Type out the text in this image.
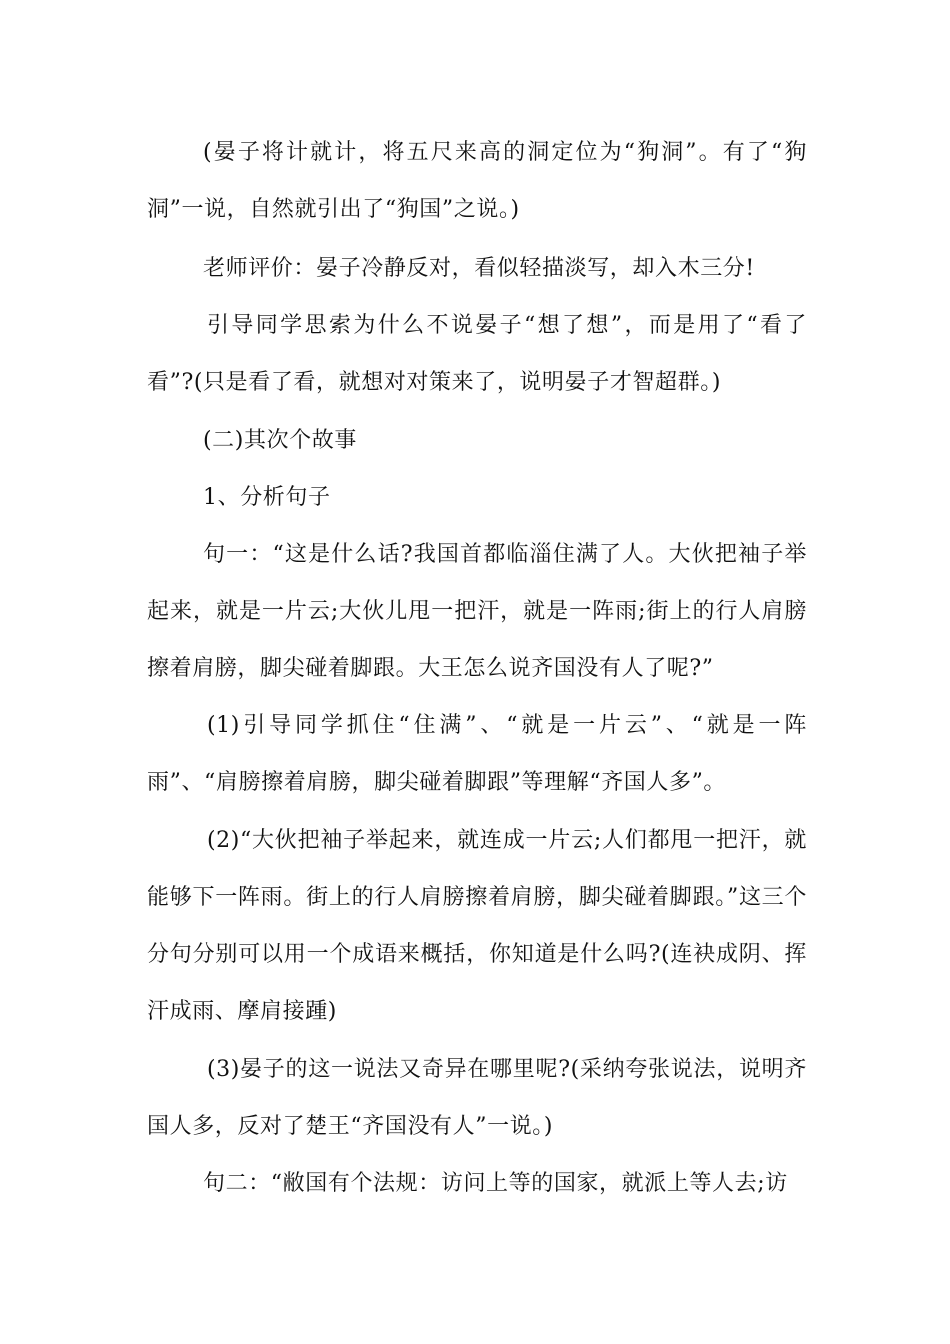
(晏子将计就计，将五尺来高的洞定位为“狗洞”。有了“狗洞”一说，自然就引出了“狗国”之说。)

老师评价：晏子冷静反对，看似轻描淡写，却入木三分!

引导同学思索为什么不说晏子“想了想”，而是用了“看了看”?(只是看了看，就想对对策来了，说明晏子才智超群。)

(二)其次个故事

1、分析句子

句一：“这是什么话?我国首都临淄住满了人。大伙把袖子举起来，就是一片云;大伙儿甩一把汗，就是一阵雨;街上的行人肩膀擦着肩膀，脚尖碰着脚跟。大王怎么说齐国没有人了呢?”

(1)引导同学抓住“住满”、“就是一片云”、“就是一阵雨”、“肩膀擦着肩膀，脚尖碰着脚跟”等理解“齐国人多”。

(2)“大伙把袖子举起来，就连成一片云;人们都甩一把汗，就能够下一阵雨。街上的行人肩膀擦着肩膀，脚尖碰着脚跟。”这三个分句分别可以用一个成语来概括，你知道是什么吗?(连袂成阴、挥汗成雨、摩肩接踵)

(3)晏子的这一说法又奇异在哪里呢?(采纳夸张说法，说明齐国人多，反对了楚王“齐国没有人”一说。)

句二：“敝国有个法规：访问上等的国家，就派上等人去;访
